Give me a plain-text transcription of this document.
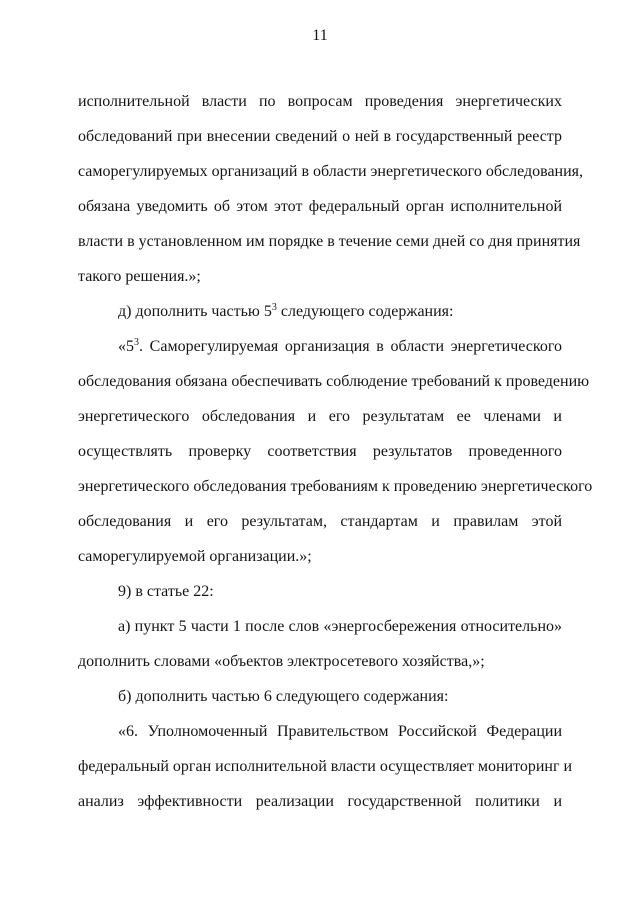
11

исполнительной власти по вопросам проведения энергетических

обследований при внесении сведений о ней в государственный реестр

саморегулируемых организаций в области энергетического обследования,

обязана уведомить об этом этот федеральный орган исполнительной

власти в установленном им порядке в течение семи дней со дня принятия

такого решения.»;

д) дополнить частью $5^3$ следующего содержания:

«$5^3$. Саморегулируемая организация в области энергетического

обследования обязана обеспечивать соблюдение требований к проведению

энергетического обследования и его результатам ее членами и

осуществлять проверку соответствия результатов проведенного

энергетического обследования требованиям к проведению энергетического

обследования и его результатам, стандартам и правилам этой

саморегулируемой организации.»;

9) в статье 22:

а) пункт 5 части 1 после слов «энергосбережения относительно»

дополнить словами «объектов электросетевого хозяйства,»;

б) дополнить частью 6 следующего содержания:

«6. Уполномоченный Правительством Российской Федерации

федеральный орган исполнительной власти осуществляет мониторинг и

анализ эффективности реализации государственной политики и
